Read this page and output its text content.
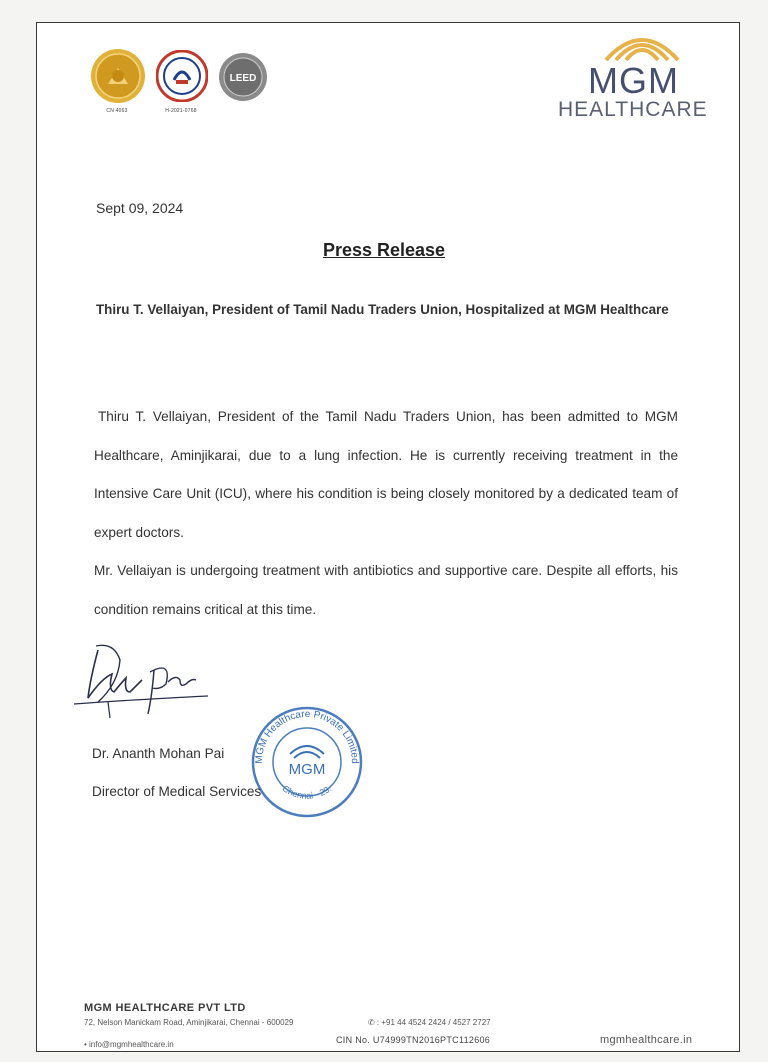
CN 4063	H-2021-0768
LEED	MGM
HEALTHCARE
Sept 09, 2024
Press Release
Thiru T. Vellaiyan, President of Tamil Nadu Traders Union, Hospitalized at MGM Healthcare

Thiru T. Vellaiyan, President of the Tamil Nadu Traders Union, has been admitted to MGM Healthcare, Aminjikarai, due to a lung infection. He is currently receiving treatment in the Intensive Care Unit (ICU), where his condition is being closely monitored by a dedicated team of expert doctors.

Mr. Vellaiyan is undergoing treatment with antibiotics and supportive care. Despite all efforts, his condition remains critical at this time.

MGM Healthcare Private Limited
Chennai - 29.
MGM
Dr. Ananth Mohan Pai
Director of Medical Services
MGM HEALTHCARE PVT LTD
72, Nelson Manickam Road, Aminjikarai, Chennai - 600029	✆ : +91 44 4524 2424 / 4527 2727
• info@mgmhealthcare.in	CIN No. U74999TN2016PTC112606	mgmhealthcare.in
